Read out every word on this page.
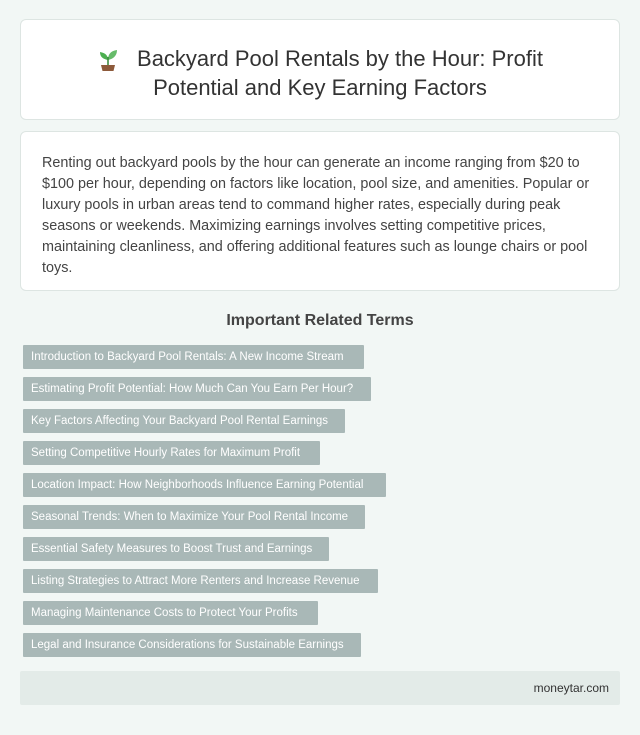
Backyard Pool Rentals by the Hour: Profit Potential and Key Earning Factors

Renting out backyard pools by the hour can generate an income ranging from $20 to $100 per hour, depending on factors like location, pool size, and amenities. Popular or luxury pools in urban areas tend to command higher rates, especially during peak seasons or weekends. Maximizing earnings involves setting competitive prices, maintaining cleanliness, and offering additional features such as lounge chairs or pool toys.

Important Related Terms
Introduction to Backyard Pool Rentals: A New Income Stream
Estimating Profit Potential: How Much Can You Earn Per Hour?
Key Factors Affecting Your Backyard Pool Rental Earnings
Setting Competitive Hourly Rates for Maximum Profit
Location Impact: How Neighborhoods Influence Earning Potential
Seasonal Trends: When to Maximize Your Pool Rental Income
Essential Safety Measures to Boost Trust and Earnings
Listing Strategies to Attract More Renters and Increase Revenue
Managing Maintenance Costs to Protect Your Profits
Legal and Insurance Considerations for Sustainable Earnings
moneytar.com
